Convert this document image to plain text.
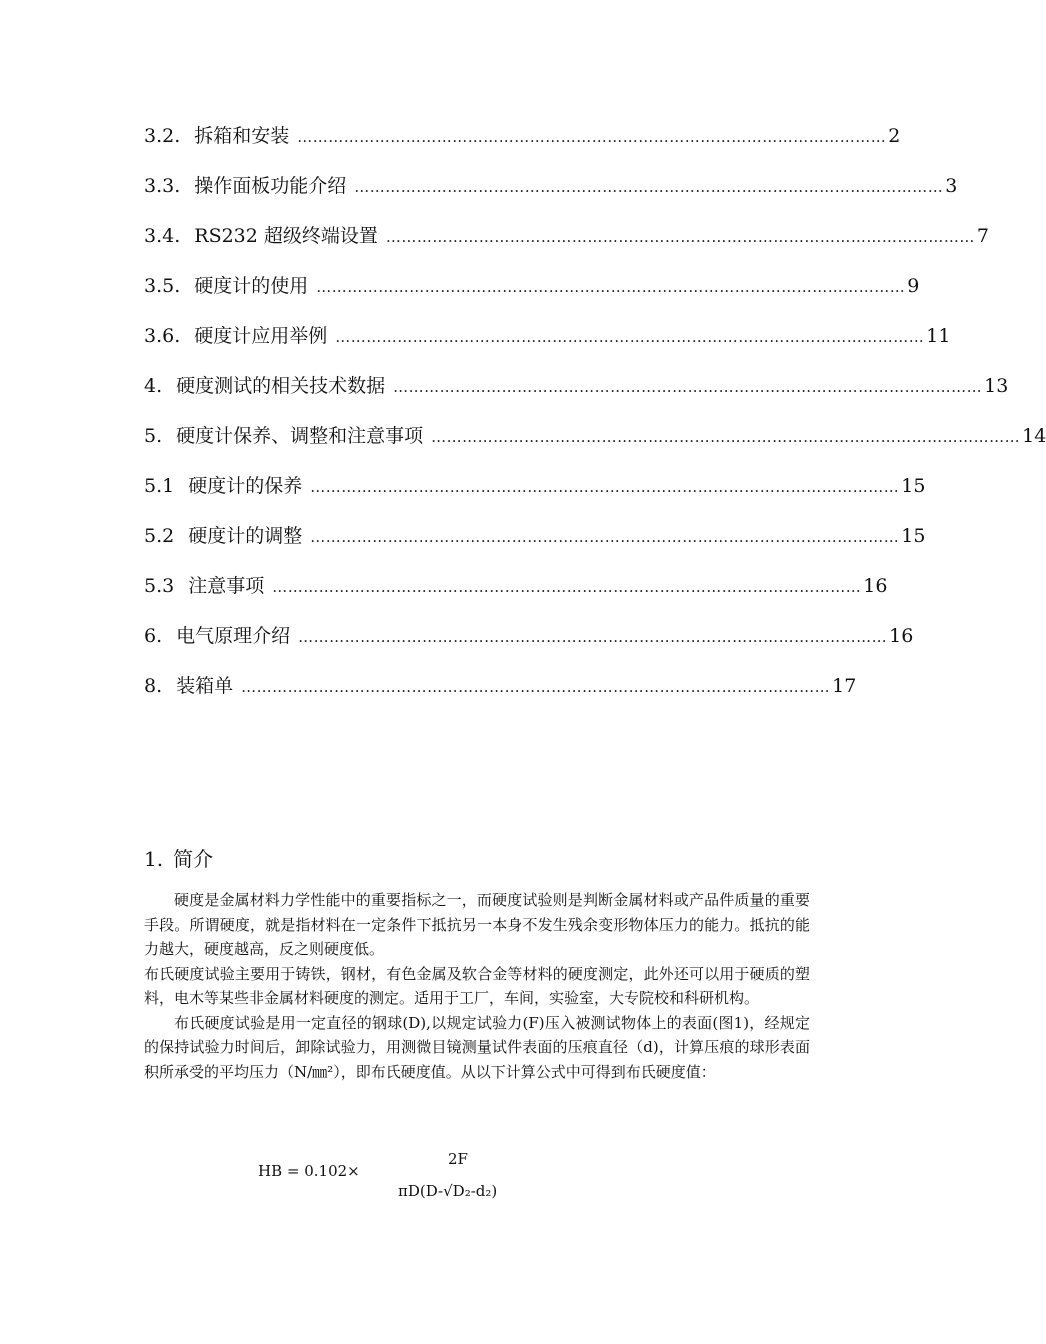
3.2. 拆箱和安装 …………………………………………………………………………………………………… 2
3.3. 操作面板功能介绍 …………………………………………………………………………………………………… 3
3.4. RS232 超级终端设置 …………………………………………………………………………………………………… 7
3.5. 硬度计的使用 …………………………………………………………………………………………………… 9
3.6. 硬度计应用举例 …………………………………………………………………………………………………… 11
4. 硬度测试的相关技术数据 …………………………………………………………………………………………………… 13
5. 硬度计保养、调整和注意事项 …………………………………………………………………………………………………… 14
5.1 硬度计的保养 …………………………………………………………………………………………………… 15
5.2 硬度计的调整 …………………………………………………………………………………………………… 15
5.3 注意事项 …………………………………………………………………………………………………… 16
6. 电气原理介绍 …………………………………………………………………………………………………… 16
8. 装箱单 …………………………………………………………………………………………………… 17
1. 简介

硬度是金属材料力学性能中的重要指标之一，而硬度试验则是判断金属材料或产品件质量的重要手段。所谓硬度，就是指材料在一定条件下抵抗另一本身不发生残余变形物体压力的能力。抵抗的能力越大，硬度越高，反之则硬度低。

布氏硬度试验主要用于铸铁，钢材，有色金属及软合金等材料的硬度测定，此外还可以用于硬质的塑料，电木等某些非金属材料硬度的测定。适用于工厂，车间，实验室，大专院校和科研机构。

布氏硬度试验是用一定直径的钢球(D),以规定试验力(F)压入被测试物体上的表面(图1)，经规定的保持试验力时间后，卸除试验力，用测微目镜测量试件表面的压痕直径（d)，计算压痕的球形表面积所承受的平均压力（N/㎜²），即布氏硬度值。从以下计算公式中可得到布氏硬度值：

HB = 0.102×
2F
πD(D-√D₂-d₂)
